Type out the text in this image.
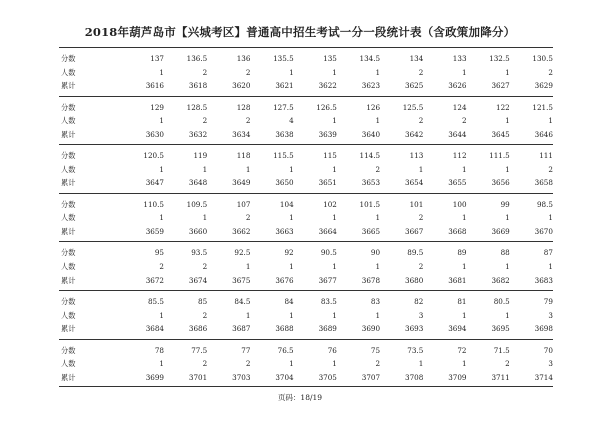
2018年葫芦岛市【兴城考区】普通高中招生考试一分一段统计表（含政策加降分）
分数	137	136.5	136	135.5	135	134.5	134	133	132.5	130.5
人数	1	2	2	1	1	1	2	1	1	2
累计	3616	3618	3620	3621	3622	3623	3625	3626	3627	3629
分数	129	128.5	128	127.5	126.5	126	125.5	124	122	121.5
人数	1	2	2	4	1	1	2	2	1	1
累计	3630	3632	3634	3638	3639	3640	3642	3644	3645	3646
分数	120.5	119	118	115.5	115	114.5	113	112	111.5	111
人数	1	1	1	1	1	2	1	1	1	2
累计	3647	3648	3649	3650	3651	3653	3654	3655	3656	3658
分数	110.5	109.5	107	104	102	101.5	101	100	99	98.5
人数	1	1	2	1	1	1	2	1	1	1
累计	3659	3660	3662	3663	3664	3665	3667	3668	3669	3670
分数	95	93.5	92.5	92	90.5	90	89.5	89	88	87
人数	2	2	1	1	1	1	2	1	1	1
累计	3672	3674	3675	3676	3677	3678	3680	3681	3682	3683
分数	85.5	85	84.5	84	83.5	83	82	81	80.5	79
人数	1	2	1	1	1	1	3	1	1	3
累计	3684	3686	3687	3688	3689	3690	3693	3694	3695	3698
分数	78	77.5	77	76.5	76	75	73.5	72	71.5	70
人数	1	2	2	1	1	2	1	1	2	3
累计	3699	3701	3703	3704	3705	3707	3708	3709	3711	3714
页码：18/19
